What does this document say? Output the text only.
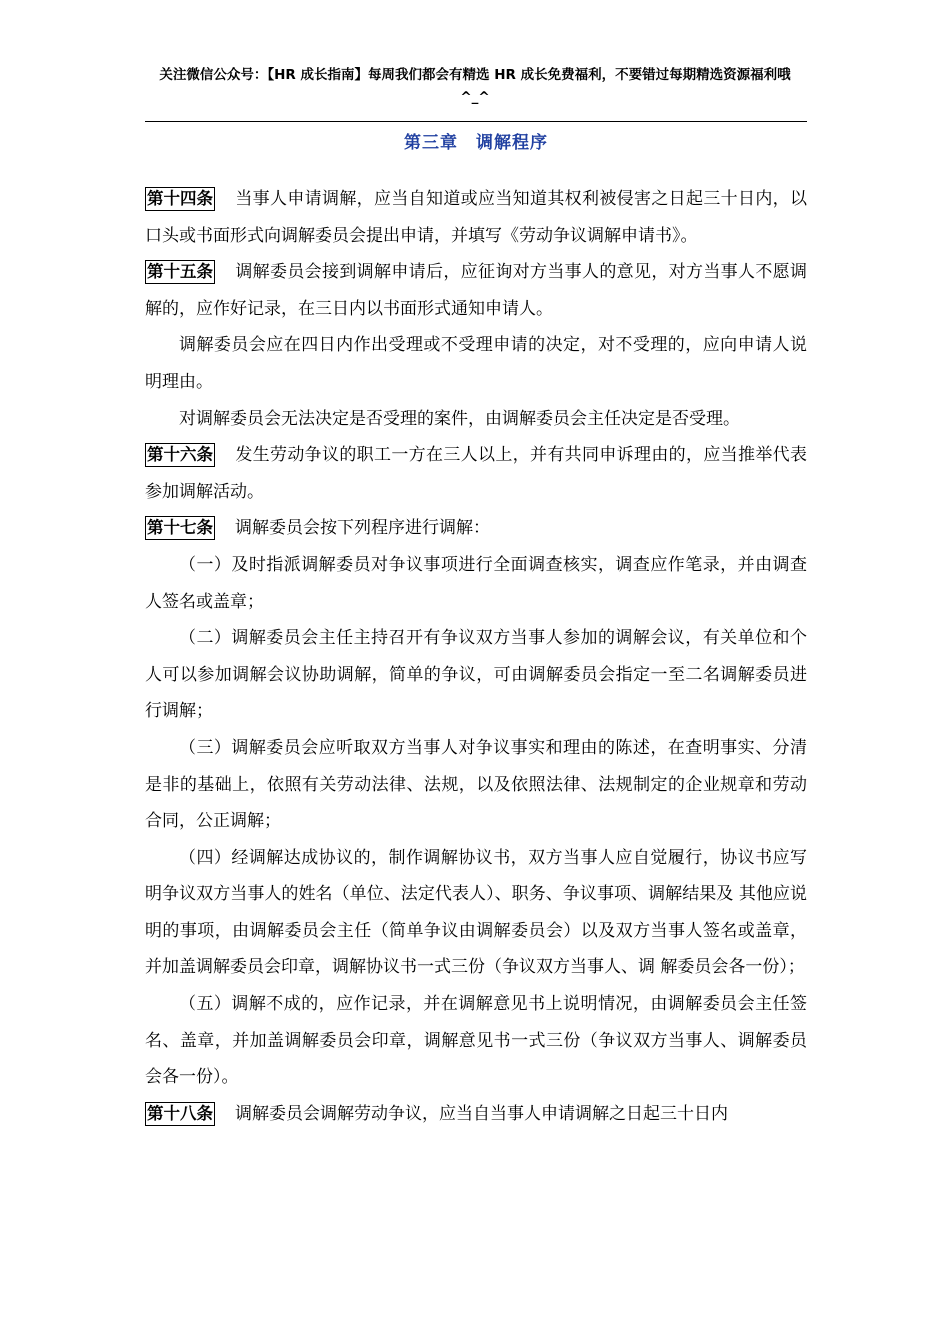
关注微信公众号：【HR 成长指南】每周我们都会有精选 HR 成长免费福利，不要错过每期精选资源福利哦^_^
第三章　调解程序

第十四条 当事人申请调解，应当自知道或应当知道其权利被侵害之日起三十日内，以口头或书面形式向调解委员会提出申请，并填写《劳动争议调解申请书》。

第十五条 调解委员会接到调解申请后，应征询对方当事人的意见，对方当事人不愿调解的，应作好记录，在三日内以书面形式通知申请人。

调解委员会应在四日内作出受理或不受理申请的决定，对不受理的，应向申请人说明理由。

对调解委员会无法决定是否受理的案件，由调解委员会主任决定是否受理。

第十六条 发生劳动争议的职工一方在三人以上，并有共同申诉理由的，应当推举代表参加调解活动。

第十七条 调解委员会按下列程序进行调解：

（一）及时指派调解委员对争议事项进行全面调查核实，调查应作笔录，并由调查人签名或盖章；

（二）调解委员会主任主持召开有争议双方当事人参加的调解会议，有关单位和个人可以参加调解会议协助调解，简单的争议，可由调解委员会指定一至二名调解委员进行调解；

（三）调解委员会应听取双方当事人对争议事实和理由的陈述，在查明事实、分清是非的基础上，依照有关劳动法律、法规，以及依照法律、法规制定的企业规章和劳动合同，公正调解；

（四）经调解达成协议的，制作调解协议书，双方当事人应自觉履行，协议书应写明争议双方当事人的姓名（单位、法定代表人）、职务、争议事项、调解结果及 其他应说明的事项，由调解委员会主任（简单争议由调解委员会）以及双方当事人签名或盖章，并加盖调解委员会印章，调解协议书一式三份（争议双方当事人、调 解委员会各一份）；

（五）调解不成的，应作记录，并在调解意见书上说明情况，由调解委员会主任签名、盖章，并加盖调解委员会印章，调解意见书一式三份（争议双方当事人、调解委员会各一份）。

第十八条 调解委员会调解劳动争议，应当自当事人申请调解之日起三十日内
